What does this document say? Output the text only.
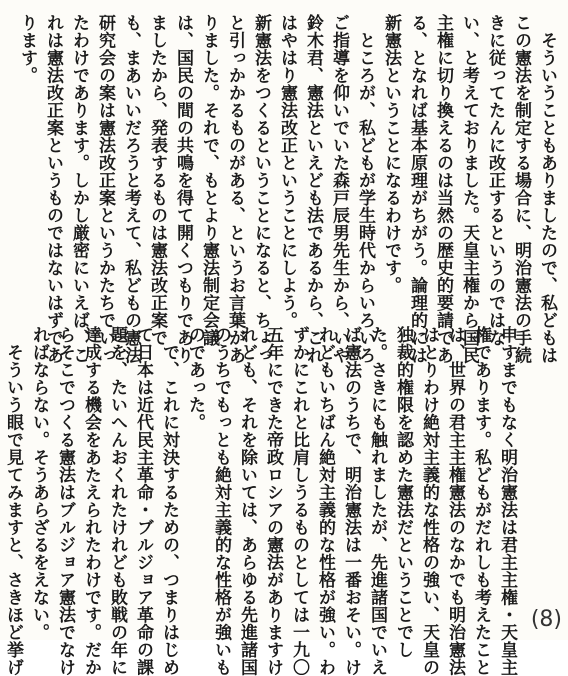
　そういうこともありましたので、私どもは
この憲法を制定する場合に、明治憲法の手続
きに従ってたんに改正するというのではな
い、と考えておりました。天皇主権から国民
主権に切り換えるのは当然の歴史的要請であ
る、となれば基本原理がちがう。論理的には
新憲法ということになるわけです。
　ところが、私どもが学生時代からいろいろ
ご指導を仰いでいた森戸辰男先生から、いや
鈴木君、憲法といえども法であるから、これ
はやはり憲法改正ということにしよう。
新憲法をつくるということになると、ちょっ
と引っかかるものがある、というお言葉があ
りました。それで、もとより憲法制定会議
は、国民の間の共鳴を得て開くつもりであり
ましたから、発表するものは憲法改正案で
も、まあいいだろうと考えて、私どもの憲法
研究会の案は憲法改正案というかたちでいっ
たわけであります。しかし厳密にいえば、こ
れは憲法改正案というものではないはずであ
ります。
申すまでもなく明治憲法は君主主権・天皇主
権であります。私どもがだれしも考えたこと
は、世界の君主主権憲法のなかでも明治憲法
はとりわけ絶対主義的な性格の強い、天皇の
独裁的権限を認めた憲法だということでし
た。さきにも触れましたが、先進諸国でいえ
ば憲法のうちで、明治憲法は一番おそい。け
れどもいちばん絶対主義的な性格が強い。わ
ずかにこれと比肩しうるものとしては一九〇
五年にできた帝政ロシアの憲法がありますけ
れども、それを除いては、あらゆる先進諸国
のうちでもっとも絶対主義的な性格が強いも
のであった。
　で、これに対決するための、つまりはじめ
て日本は近代民主革命・ブルジョア革命の課
題を、たいへんおくれたけれども敗戦の年に
達成する機会をあたえられたわけです。だか
らそこでつくる憲法はブルジョア憲法でなけ
ればならない。そうあらざるをえない。
　そういう眼で見てみますと、さきほど挙げ	(8)
